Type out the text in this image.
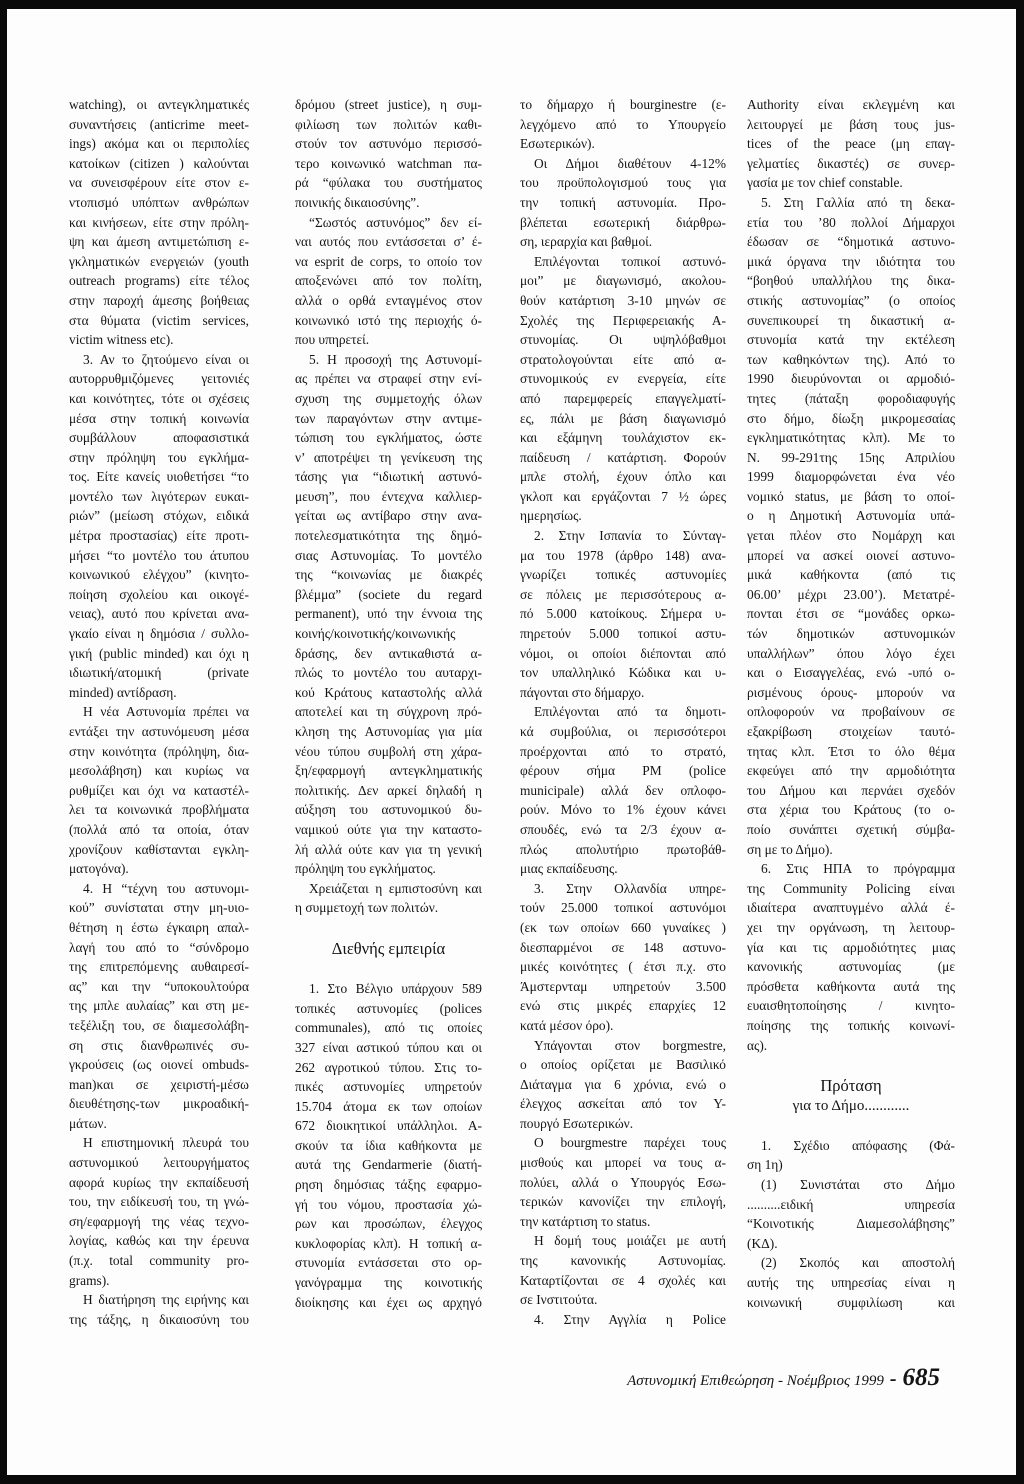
watching), οι αντεγκληματικές
συναντήσεις (anticrime meet-
ings) ακόμα και οι περιπολίες
κατοίκων (citizen ) καλούνται
να συνεισφέρουν είτε στον ε-
ντοπισμό υπόπτων ανθρώπων
και κινήσεων, είτε στην πρόλη-
ψη και άμεση αντιμετώπιση ε-
γκληματικών ενεργειών (youth
outreach programs) είτε τέλος
στην παροχή άμεσης βοήθειας
στα θύματα (victim services,
victim witness etc).
3. Αν το ζητούμενο είναι οι
αυτορρυθμιζόμενες γειτονιές
και κοινότητες, τότε οι σχέσεις
μέσα στην τοπική κοινωνία
συμβάλλουν αποφασιστικά
στην πρόληψη του εγκλήμα-
τος. Είτε κανείς υιοθετήσει “το
μοντέλο των λιγότερων ευκαι-
ριών” (μείωση στόχων, ειδικά
μέτρα προστασίας) είτε προτι-
μήσει “το μοντέλο του άτυπου
κοινωνικού ελέγχου” (κινητο-
ποίηση σχολείου και οικογέ-
νειας), αυτό που κρίνεται ανα-
γκαίο είναι η δημόσια / συλλο-
γική (public minded) και όχι η
ιδιωτική/ατομική (private
minded) αντίδραση.
Η νέα Αστυνομία πρέπει να
εντάξει την αστυνόμευση μέσα
στην κοινότητα (πρόληψη, δια-
μεσολάβηση) και κυρίως να
ρυθμίζει και όχι να καταστέλ-
λει τα κοινωνικά προβλήματα
(πολλά από τα οποία, όταν
χρονίζουν καθίστανται εγκλη-
ματογόνα).
4. Η “τέχνη του αστυνομι-
κού” συνίσταται στην μη-υιο-
θέτηση η έστω έγκαιρη απαλ-
λαγή του από το “σύνδρομο
της επιτρεπόμενης αυθαιρεσί-
ας” και την “υποκουλτούρα
της μπλε αυλαίας” και στη με-
τεξέλιξη του, σε διαμεσολάβη-
ση στις διανθρωπινές συ-
γκρούσεις (ως οιονεί ombuds-
man)και σε χειριστή-μέσω
διευθέτησης-των μικροαδική-
μάτων.
Η επιστημονική πλευρά του
αστυνομικού λειτουργήματος
αφορά κυρίως την εκπαίδευσή
του, την ειδίκευσή του, τη γνώ-
ση/εφαρμογή της νέας τεχνο-
λογίας, καθώς και την έρευνα
(π.χ. total community pro-
grams).
Η διατήρηση της ειρήνης και
της τάξης, η δικαιοσύνη του
δρόμου (street justice), η συμ-
φιλίωση των πολιτών καθι-
στούν τον αστυνόμο περισσό-
τερο κοινωνικό watchman πα-
ρά “φύλακα του συστήματος
ποινικής δικαιοσύνης”.
“Σωστός αστυνόμος” δεν εί-
ναι αυτός που εντάσσεται σ’ έ-
να esprit de corps, το οποίο τον
αποξενώνει από τον πολίτη,
αλλά ο ορθά ενταγμένος στον
κοινωνικό ιστό της περιοχής ό-
που υπηρετεί.
5. Η προσοχή της Αστυνομί-
ας πρέπει να στραφεί στην ενί-
σχυση της συμμετοχής όλων
των παραγόντων στην αντιμε-
τώπιση του εγκλήματος, ώστε
ν’ αποτρέψει τη γενίκευση της
τάσης για “ιδιωτική αστυνό-
μευση”, που έντεχνα καλλιερ-
γείται ως αντίβαρο στην ανα-
ποτελεσματικότητα της δημό-
σιας Αστυνομίας. Το μοντέλο
της “κοινωνίας με διακρές
βλέμμα” (societe du regard
permanent), υπό την έννοια της
κοινής/κοινοτικής/κοινωνικής
δράσης, δεν αντικαθιστά α-
πλώς το μοντέλο του αυταρχι-
κού Κράτους καταστολής αλλά
αποτελεί και τη σύγχρονη πρό-
κληση της Αστυνομίας για μία
νέου τύπου συμβολή στη χάρα-
ξη/εφαρμογή αντεγκληματικής
πολιτικής. Δεν αρκεί δηλαδή η
αύξηση του αστυνομικού δυ-
ναμικού ούτε για την καταστο-
λή αλλά ούτε καν για τη γενική
πρόληψη του εγκλήματος.
Χρειάζεται η εμπιστοσύνη και
η συμμετοχή των πολιτών.
Διεθνής εμπειρία
1. Στο Βέλγιο υπάρχουν 589
τοπικές αστυνομίες (polices
communales), από τις οποίες
327 είναι αστικού τύπου και οι
262 αγροτικού τύπου. Στις το-
πικές αστυνομίες υπηρετούν
15.704 άτομα εκ των οποίων
672 διοικητικοί υπάλληλοι. Α-
σκούν τα ίδια καθήκοντα με
αυτά της Gendarmerie (διατή-
ρηση δημόσιας τάξης εφαρμο-
γή του νόμου, προστασία χώ-
ρων και προσώπων, έλεγχος
κυκλοφορίας κλπ). Η τοπική α-
στυνομία εντάσσεται στο ορ-
γανόγραμμα της κοινοτικής
διοίκησης και έχει ως αρχηγό
το δήμαρχο ή bourginestre (ε-
λεγχόμενο από το Υπουργείο
Εσωτερικών).
Οι Δήμοι διαθέτουν 4-12%
του προϋπολογισμού τους για
την τοπική αστυνομία. Προ-
βλέπεται εσωτερική διάρθρω-
ση, ιεραρχία και βαθμοί.
Επιλέγονται τοπικοί αστυνό-
μοι” με διαγωνισμό, ακολου-
θούν κατάρτιση 3-10 μηνών σε
Σχολές της Περιφερειακής Α-
στυνομίας. Οι υψηλόβαθμοι
στρατολογούνται είτε από α-
στυνομικούς εν ενεργεία, είτε
από παρεμφερείς επαγγελματί-
ες, πάλι με βάση διαγωνισμό
και εξάμηνη τουλάχιστον εκ-
παίδευση / κατάρτιση. Φορούν
μπλε στολή, έχουν όπλο και
γκλοπ και εργάζονται 7 ½ ώρες
ημερησίως.
2. Στην Ισπανία το Σύνταγ-
μα του 1978 (άρθρο 148) ανα-
γνωρίζει τοπικές αστυνομίες
σε πόλεις με περισσότερους α-
πό 5.000 κατοίκους. Σήμερα υ-
πηρετούν 5.000 τοπικοί αστυ-
νόμοι, οι οποίοι διέπονται από
τον υπαλληλικό Κώδικα και υ-
πάγονται στο δήμαρχο.
Επιλέγονται από τα δημοτι-
κά συμβούλια, οι περισσότεροι
προέρχονται από το στρατό,
φέρουν σήμα PM (police
municipale) αλλά δεν οπλοφο-
ρούν. Μόνο το 1% έχουν κάνει
σπουδές, ενώ τα 2/3 έχουν α-
πλώς απολυτήριο πρωτοβάθ-
μιας εκπαίδευσης.
3. Στην Ολλανδία υπηρε-
τούν 25.000 τοπικοί αστυνόμοι
(εκ των οποίων 660 γυναίκες )
διεσπαρμένοι σε 148 αστυνο-
μικές κοινότητες ( έτσι π.χ. στο
Άμστερνταμ υπηρετούν 3.500
ενώ στις μικρές επαρχίες 12
κατά μέσον όρο).
Υπάγονται στον borgmestre,
ο οποίος ορίζεται με Βασιλικό
Διάταγμα για 6 χρόνια, ενώ ο
έλεγχος ασκείται από τον Υ-
πουργό Εσωτερικών.
Ο bourgmestre παρέχει τους
μισθούς και μπορεί να τους α-
πολύει, αλλά ο Υπουργός Εσω-
τερικών κανονίζει την επιλογή,
την κατάρτιση το status.
Η δομή τους μοιάζει με αυτή
της κανονικής Αστυνομίας.
Καταρτίζονται σε 4 σχολές και
σε Ινστιτούτα.
4. Στην Αγγλία η Police
Authority είναι εκλεγμένη και
λειτουργεί με βάση τους jus-
tices of the peace (μη επαγ-
γελματίες δικαστές) σε συνερ-
γασία με τον chief constable.
5. Στη Γαλλία από τη δεκα-
ετία του ’80 πολλοί Δήμαρχοι
έδωσαν σε “δημοτικά αστυνο-
μικά όργανα την ιδιότητα του
“βοηθού υπαλλήλου της δικα-
στικής αστυνομίας” (ο οποίος
συνεπικουρεί τη δικαστική α-
στυνομία κατά την εκτέλεση
των καθηκόντων της). Από το
1990 διευρύνονται οι αρμοδιό-
τητες (πάταξη φοροδιαφυγής
στο δήμο, δίωξη μικρομεσαίας
εγκληματικότητας κλπ). Με το
Ν. 99-291της 15ης Απριλίου
1999 διαμορφώνεται ένα νέο
νομικό status, με βάση το οποί-
ο η Δημοτική Αστυνομία υπά-
γεται πλέον στο Νομάρχη και
μπορεί να ασκεί οιονεί αστυνο-
μικά καθήκοντα (από τις
06.00’ μέχρι 23.00’). Μετατρέ-
πονται έτσι σε “μονάδες ορκω-
τών δημοτικών αστυνομικών
υπαλλήλων” όπου λόγο έχει
και ο Εισαγγελέας, ενώ -υπό ο-
ρισμένους όρους- μπορούν να
οπλοφορούν να προβαίνουν σε
εξακρίβωση στοιχείων ταυτό-
τητας κλπ. Έτσι το όλο θέμα
εκφεύγει από την αρμοδιότητα
του Δήμου και περνάει σχεδόν
στα χέρια του Κράτους (το ο-
ποίο συνάπτει σχετική σύμβα-
ση με το Δήμο).
6. Στις ΗΠΑ το πρόγραμμα
της Community Policing είναι
ιδιαίτερα αναπτυγμένο αλλά έ-
χει την οργάνωση, τη λειτουρ-
γία και τις αρμοδιότητες μιας
κανονικής αστυνομίας (με
πρόσθετα καθήκοντα αυτά της
ευαισθητοποίησης / κινητο-
ποίησης της τοπικής κοινωνί-
ας).
Πρόταση
για το Δήμο............
1. Σχέδιο απόφασης (Φά-
ση 1η)
(1) Συνιστάται στο Δήμο
..........ειδική υπηρεσία
“Κοινοτικής Διαμεσολάβησης”
(ΚΔ).
(2) Σκοπός και αποστολή
αυτής της υπηρεσίας είναι η
κοινωνική συμφιλίωση και
Αστυνομική Επιθεώρηση - Νοέμβριος 1999 - 685
